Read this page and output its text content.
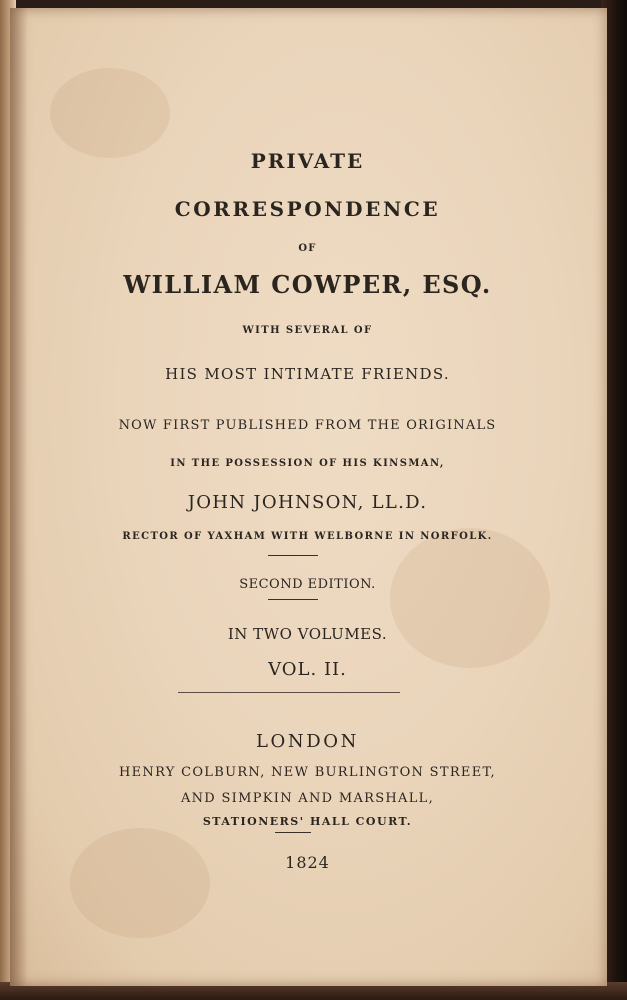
PRIVATE
CORRESPONDENCE
OF
WILLIAM COWPER, ESQ.
WITH SEVERAL OF
HIS MOST INTIMATE FRIENDS.
NOW FIRST PUBLISHED FROM THE ORIGINALS
IN THE POSSESSION OF HIS KINSMAN,
JOHN JOHNSON, LL.D.
RECTOR OF YAXHAM WITH WELBORNE IN NORFOLK.
SECOND EDITION.
IN TWO VOLUMES.
VOL. II.
LONDON
HENRY COLBURN, NEW BURLINGTON STREET,
AND SIMPKIN AND MARSHALL,
STATIONERS' HALL COURT.
1824
